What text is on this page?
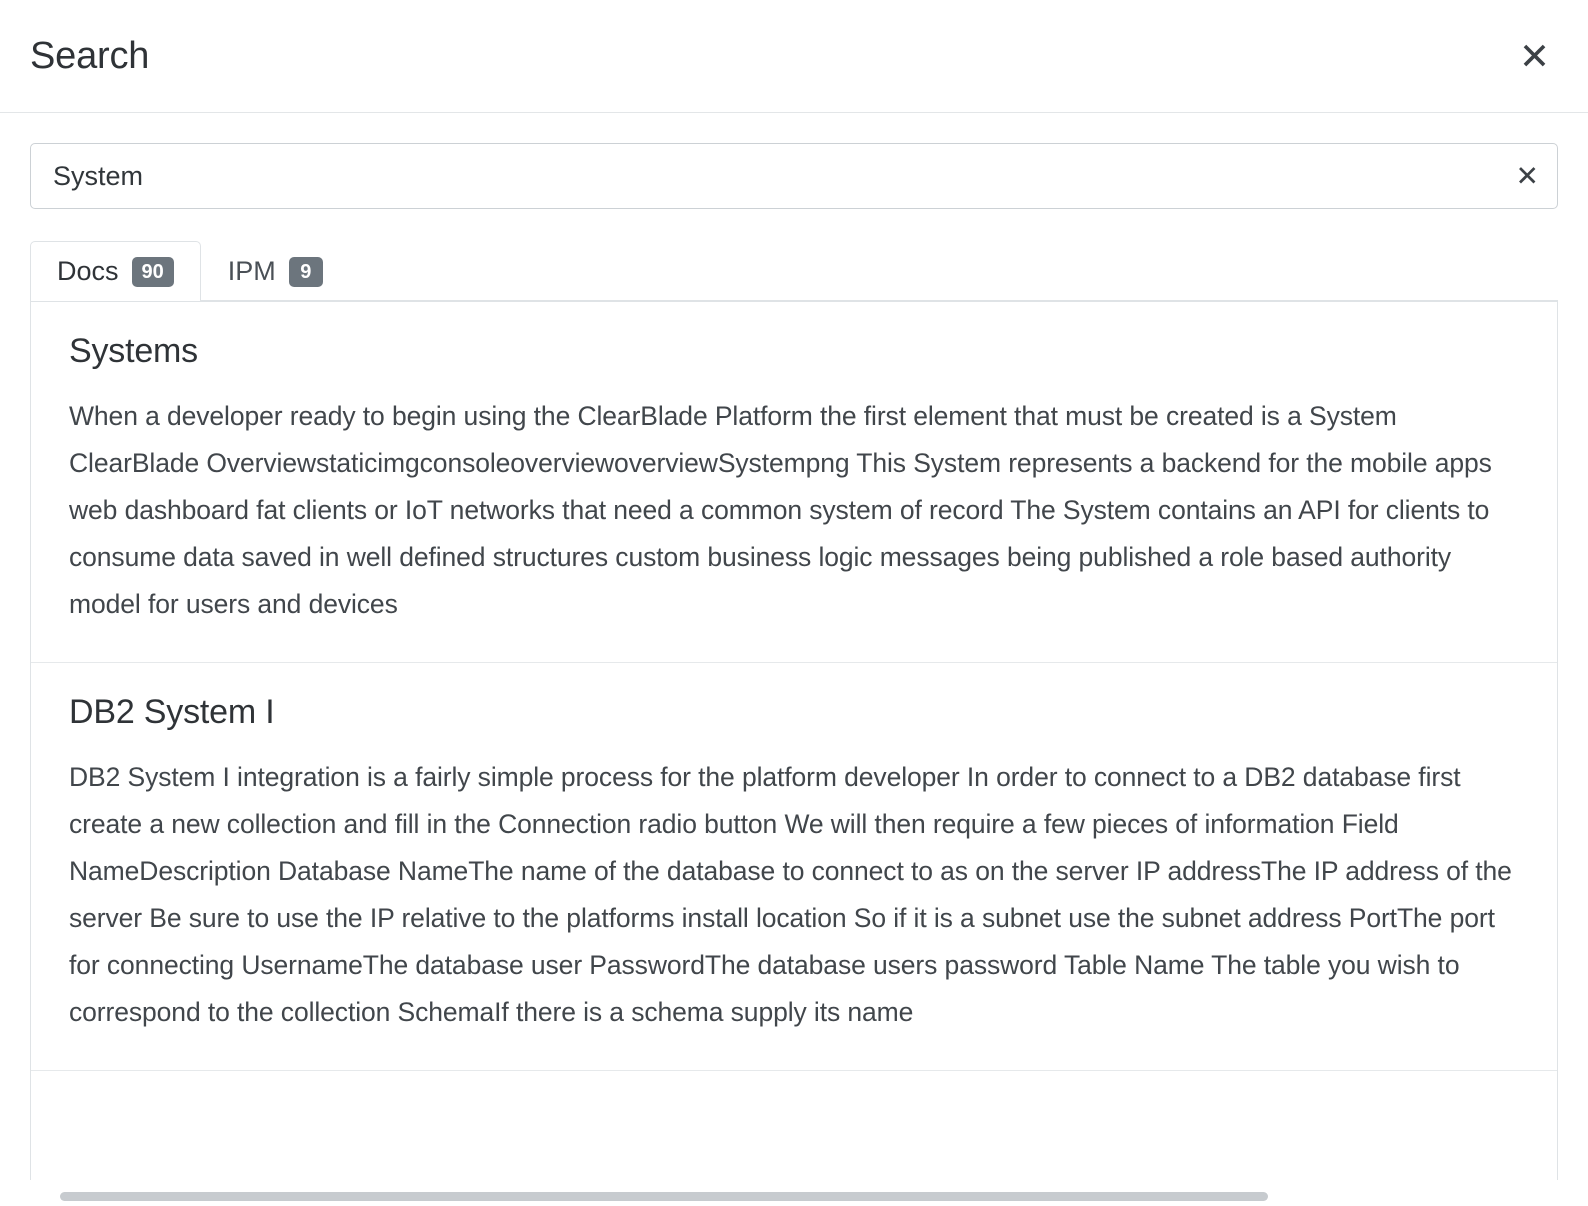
Search	✕
System
✕
Docs	90	IPM	9
Systems

When a developer ready to begin using the ClearBlade Platform the first element that must be created is a System ClearBlade OverviewstaticimgconsoleoverviewoverviewSystempng This System represents a backend for the mobile apps web dashboard fat clients or IoT networks that need a common system of record The System contains an API for clients to consume data saved in well defined structures custom business logic messages being published a role based authority model for users and devices

DB2 System I

DB2 System I integration is a fairly simple process for the platform developer In order to connect to a DB2 database first create a new collection and fill in the Connection radio button We will then require a few pieces of information Field NameDescription Database NameThe name of the database to connect to as on the server IP addressThe IP address of the server Be sure to use the IP relative to the platforms install location So if it is a subnet use the subnet address PortThe port for connecting UsernameThe database user PasswordThe database users password Table Name The table you wish to correspond to the collection SchemaIf there is a schema supply its name
